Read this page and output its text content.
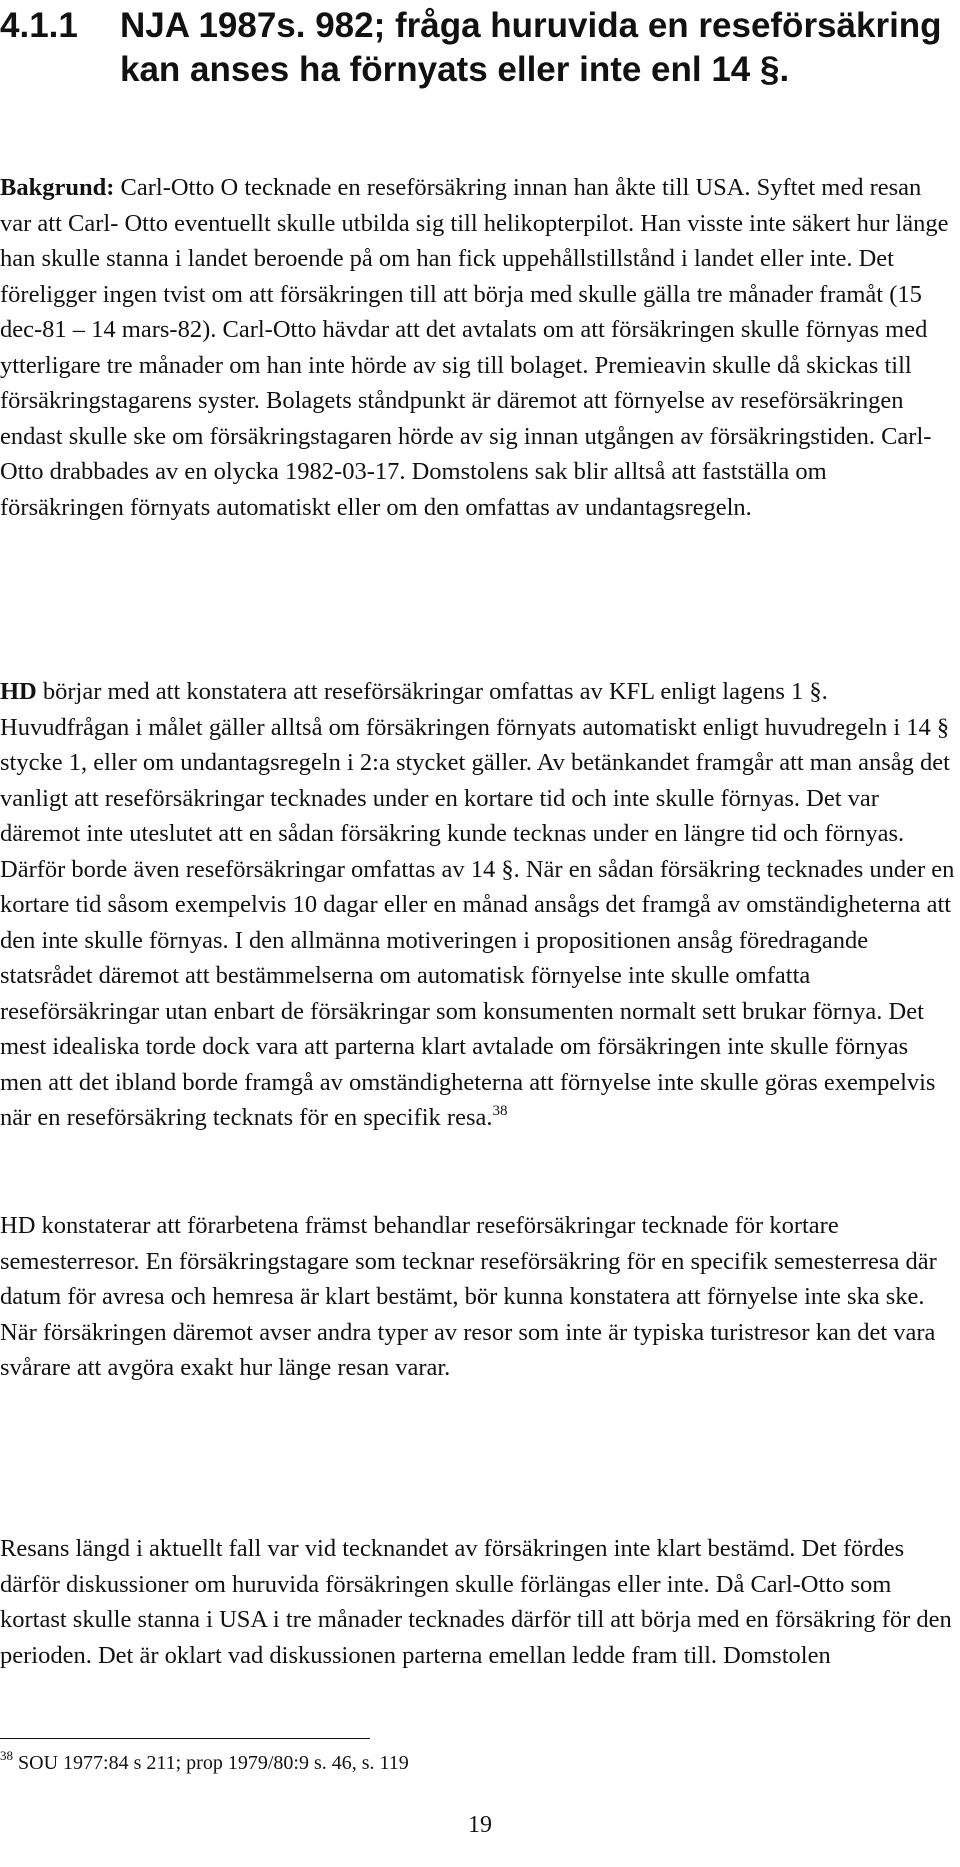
4.1.1 NJA 1987s. 982; fråga huruvida en reseförsäkring kan anses ha förnyats eller inte enl 14 §.

Bakgrund: Carl-Otto O tecknade en reseförsäkring innan han åkte till USA. Syftet med resan var att Carl- Otto eventuellt skulle utbilda sig till helikopterpilot. Han visste inte säkert hur länge han skulle stanna i landet beroende på om han fick uppehållstillstånd i landet eller inte. Det föreligger ingen tvist om att försäkringen till att börja med skulle gälla tre månader framåt (15 dec-81 – 14 mars-82). Carl-Otto hävdar att det avtalats om att försäkringen skulle förnyas med ytterligare tre månader om han inte hörde av sig till bolaget. Premieavin skulle då skickas till försäkringstagarens syster. Bolagets ståndpunkt är däremot att förnyelse av reseförsäkringen endast skulle ske om försäkringstagaren hörde av sig innan utgången av försäkringstiden. Carl-Otto drabbades av en olycka 1982-03-17. Domstolens sak blir alltså att fastställa om försäkringen förnyats automatiskt eller om den omfattas av undantagsregeln.

HD börjar med att konstatera att reseförsäkringar omfattas av KFL enligt lagens 1 §. Huvudfrågan i målet gäller alltså om försäkringen förnyats automatiskt enligt huvudregeln i 14 § stycke 1, eller om undantagsregeln i 2:a stycket gäller. Av betänkandet framgår att man ansåg det vanligt att reseförsäkringar tecknades under en kortare tid och inte skulle förnyas. Det var däremot inte uteslutet att en sådan försäkring kunde tecknas under en längre tid och förnyas. Därför borde även reseförsäkringar omfattas av 14 §. När en sådan försäkring tecknades under en kortare tid såsom exempelvis 10 dagar eller en månad ansågs det framgå av omständigheterna att den inte skulle förnyas. I den allmänna motiveringen i propositionen ansåg föredragande statsrådet däremot att bestämmelserna om automatisk förnyelse inte skulle omfatta reseförsäkringar utan enbart de försäkringar som konsumenten normalt sett brukar förnya. Det mest idealiska torde dock vara att parterna klart avtalade om försäkringen inte skulle förnyas men att det ibland borde framgå av omständigheterna att förnyelse inte skulle göras exempelvis när en reseförsäkring tecknats för en specifik resa.$^{38}$

HD konstaterar att förarbetena främst behandlar reseförsäkringar tecknade för kortare semesterresor. En försäkringstagare som tecknar reseförsäkring för en specifik semesterresa där datum för avresa och hemresa är klart bestämt, bör kunna konstatera att förnyelse inte ska ske. När försäkringen däremot avser andra typer av resor som inte är typiska turistresor kan det vara svårare att avgöra exakt hur länge resan varar.

Resans längd i aktuellt fall var vid tecknandet av försäkringen inte klart bestämd. Det fördes därför diskussioner om huruvida försäkringen skulle förlängas eller inte. Då Carl-Otto som kortast skulle stanna i USA i tre månader tecknades därför till att börja med en försäkring för den perioden. Det är oklart vad diskussionen parterna emellan ledde fram till. Domstolen

$^{38}$ SOU 1977:84 s 211; prop 1979/80:9 s. 46, s. 119

19
